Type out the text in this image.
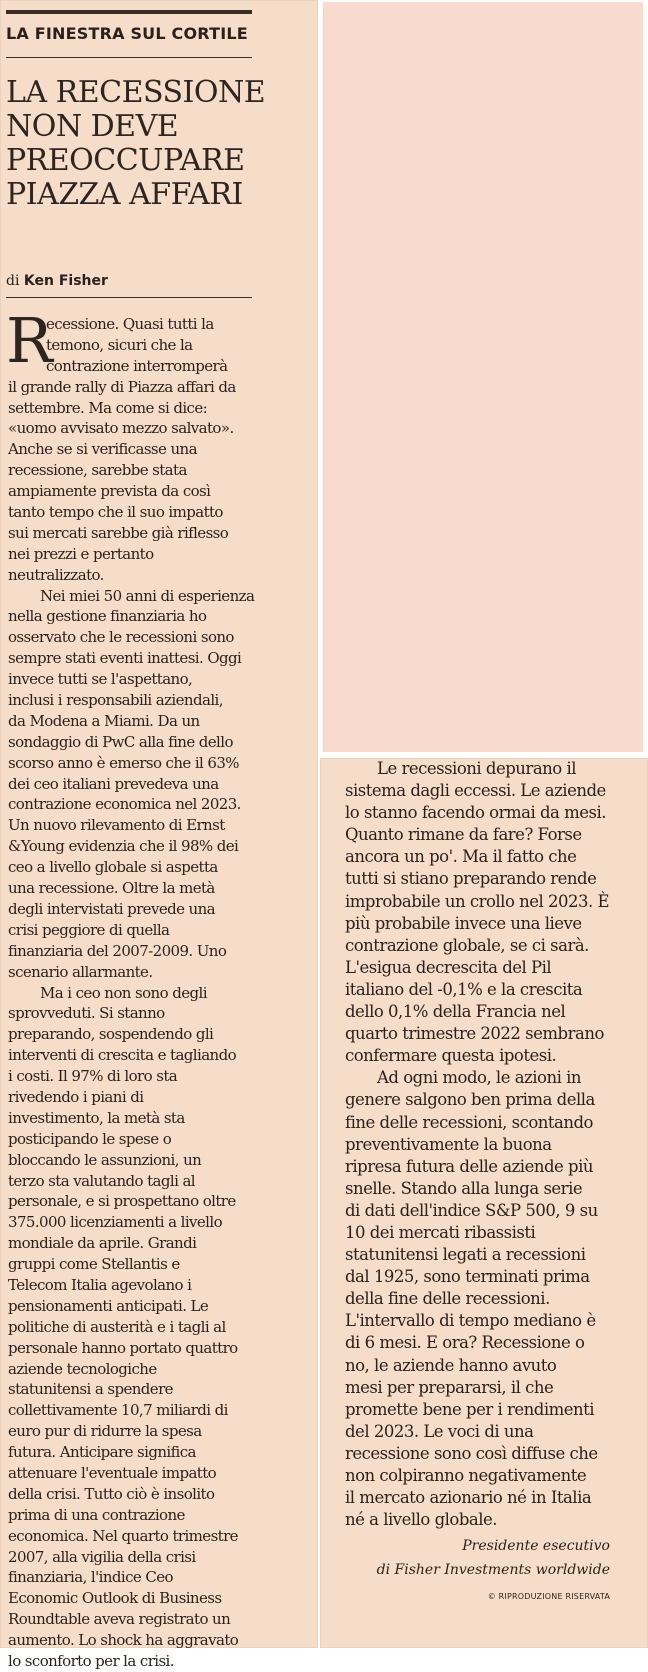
LA FINESTRA SUL CORTILE
LA RECESSIONE
NON DEVE
PREOCCUPARE
PIAZZA AFFARI
di Ken Fisher
R
ecessione. Quasi tutti la
temono, sicuri che la
contrazione interromperà
il grande rally di Piazza affari da
settembre. Ma come si dice:
«uomo avvisato mezzo salvato».
Anche se si verificasse una
recessione, sarebbe stata
ampiamente prevista da così
tanto tempo che il suo impatto
sui mercati sarebbe già riflesso
nei prezzi e pertanto
neutralizzato.
Nei miei 50 anni di esperienza
nella gestione finanziaria ho
osservato che le recessioni sono
sempre stati eventi inattesi. Oggi
invece tutti se l'aspettano,
inclusi i responsabili aziendali,
da Modena a Miami. Da un
sondaggio di PwC alla fine dello
scorso anno è emerso che il 63%
dei ceo italiani prevedeva una
contrazione economica nel 2023.
Un nuovo rilevamento di Ernst
&Young evidenzia che il 98% dei
ceo a livello globale si aspetta
una recessione. Oltre la metà
degli intervistati prevede una
crisi peggiore di quella
finanziaria del 2007-2009. Uno
scenario allarmante.
Ma i ceo non sono degli
sprovveduti. Si stanno
preparando, sospendendo gli
interventi di crescita e tagliando
i costi. Il 97% di loro sta
rivedendo i piani di
investimento, la metà sta
posticipando le spese o
bloccando le assunzioni, un
terzo sta valutando tagli al
personale, e si prospettano oltre
375.000 licenziamenti a livello
mondiale da aprile. Grandi
gruppi come Stellantis e
Telecom Italia agevolano i
pensionamenti anticipati. Le
politiche di austerità e i tagli al
personale hanno portato quattro
aziende tecnologiche
statunitensi a spendere
collettivamente 10,7 miliardi di
euro pur di ridurre la spesa
futura. Anticipare significa
attenuare l'eventuale impatto
della crisi. Tutto ciò è insolito
prima di una contrazione
economica. Nel quarto trimestre
2007, alla vigilia della crisi
finanziaria, l'indice Ceo
Economic Outlook di Business
Roundtable aveva registrato un
aumento. Lo shock ha aggravato
lo sconforto per la crisi.
Le recessioni depurano il
sistema dagli eccessi. Le aziende
lo stanno facendo ormai da mesi.
Quanto rimane da fare? Forse
ancora un po'. Ma il fatto che
tutti si stiano preparando rende
improbabile un crollo nel 2023. È
più probabile invece una lieve
contrazione globale, se ci sarà.
L'esigua decrescita del Pil
italiano del -0,1% e la crescita
dello 0,1% della Francia nel
quarto trimestre 2022 sembrano
confermare questa ipotesi.
Ad ogni modo, le azioni in
genere salgono ben prima della
fine delle recessioni, scontando
preventivamente la buona
ripresa futura delle aziende più
snelle. Stando alla lunga serie
di dati dell'indice S&P 500, 9 su
10 dei mercati ribassisti
statunitensi legati a recessioni
dal 1925, sono terminati prima
della fine delle recessioni.
L'intervallo di tempo mediano è
di 6 mesi. E ora? Recessione o
no, le aziende hanno avuto
mesi per prepararsi, il che
promette bene per i rendimenti
del 2023. Le voci di una
recessione sono così diffuse che
non colpiranno negativamente
il mercato azionario né in Italia
né a livello globale.
Presidente esecutivo
di Fisher Investments worldwide
© RIPRODUZIONE RISERVATA
